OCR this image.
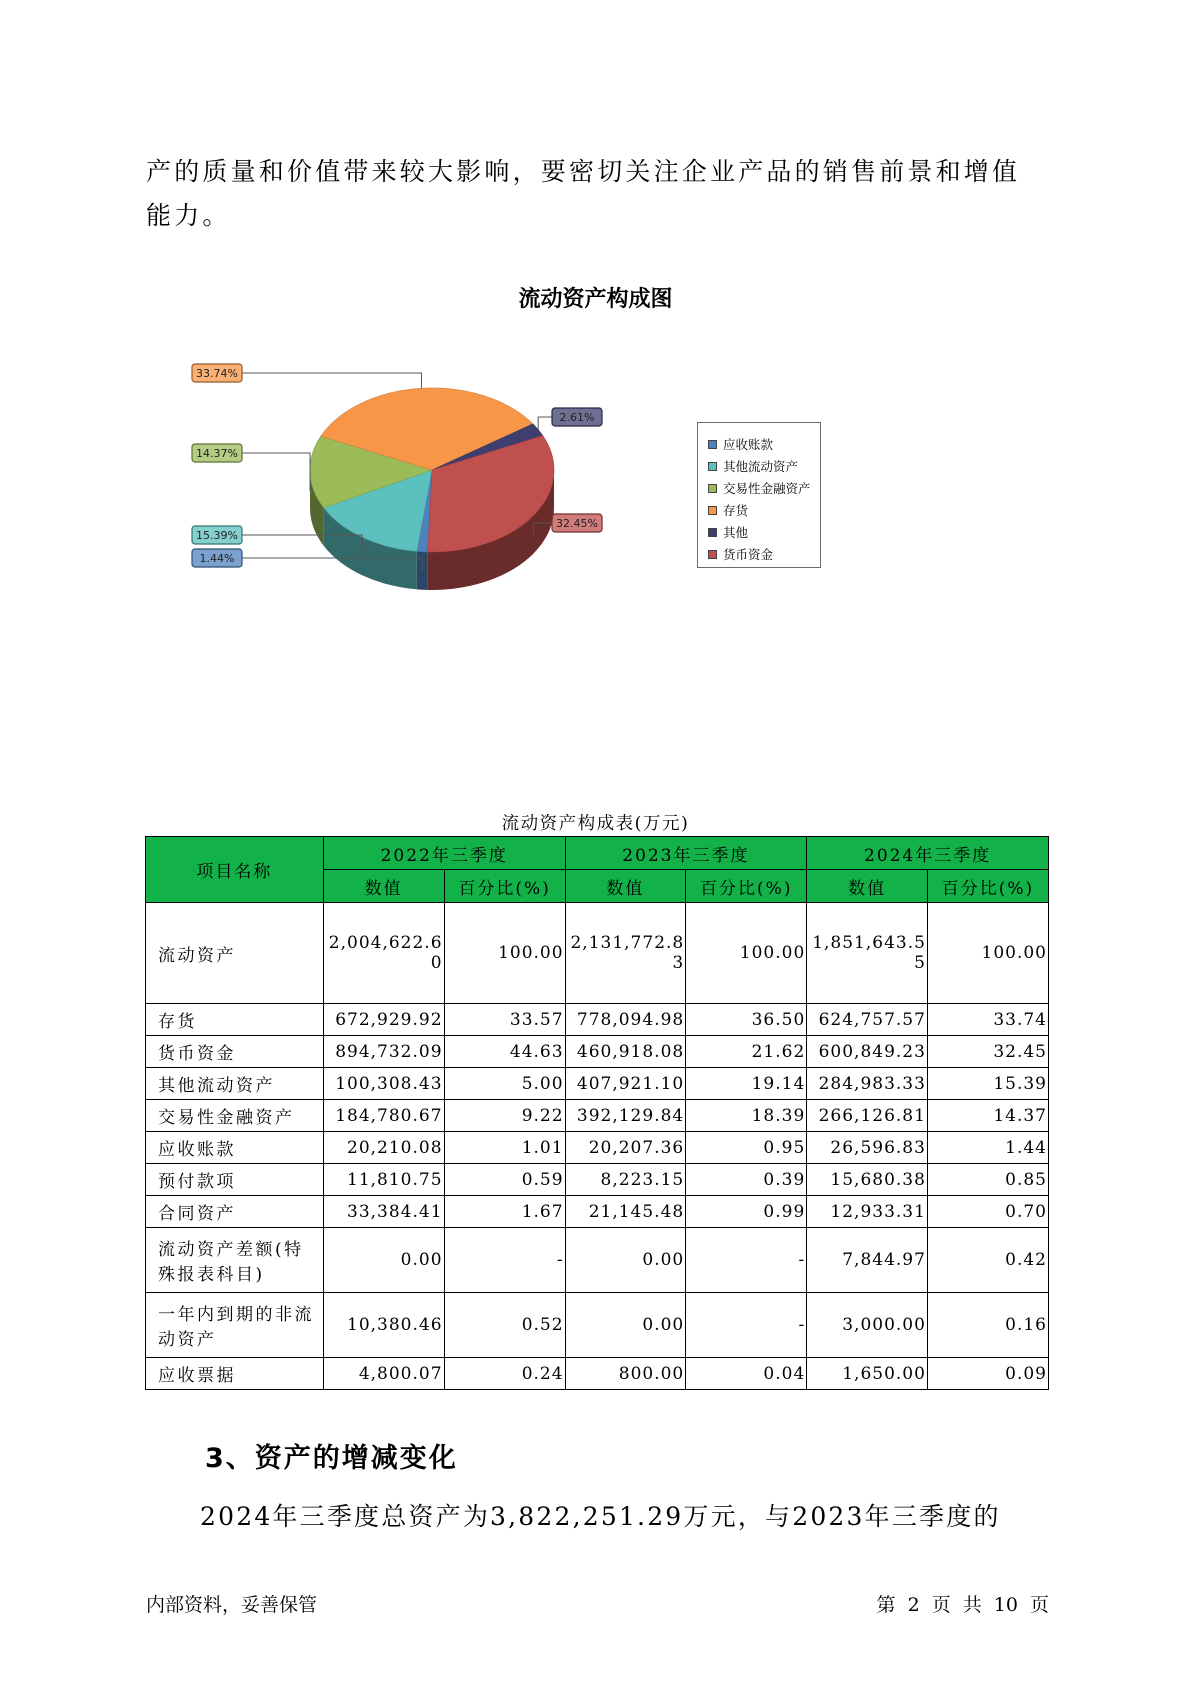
产的质量和价值带来较大影响，要密切关注企业产品的销售前景和增值能力。

流动资产构成图
1.44%
15.39%
14.37%
33.74%
2.61%
32.45%
应收账款
其他流动资产
交易性金融资产
存货
其他
货币资金

流动资产构成表(万元)

项目名称	2022年三季度		2023年三季度		2024年三季度	
	数值	百分比(%)	数值	百分比(%)	数值	百分比(%)
流动资产	2,004,622.60	100.00	2,131,772.83	100.00	1,851,643.55	100.00
存货	672,929.92	33.57	778,094.98	36.50	624,757.57	33.74
货币资金	894,732.09	44.63	460,918.08	21.62	600,849.23	32.45
其他流动资产	100,308.43	5.00	407,921.10	19.14	284,983.33	15.39
交易性金融资产	184,780.67	9.22	392,129.84	18.39	266,126.81	14.37
应收账款	20,210.08	1.01	20,207.36	0.95	26,596.83	1.44
预付款项	11,810.75	0.59	8,223.15	0.39	15,680.38	0.85
合同资产	33,384.41	1.67	21,145.48	0.99	12,933.31	0.70
流动资产差额(特殊报表科目)	0.00	-	0.00	-	7,844.97	0.42
一年内到期的非流动资产	10,380.46	0.52	0.00	-	3,000.00	0.16
应收票据	4,800.07	0.24	800.00	0.04	1,650.00	0.09
3、资产的增减变化

2024年三季度总资产为3,822,251.29万元，与2023年三季度的

内部资料，妥善保管	第 2 页 共 10 页
